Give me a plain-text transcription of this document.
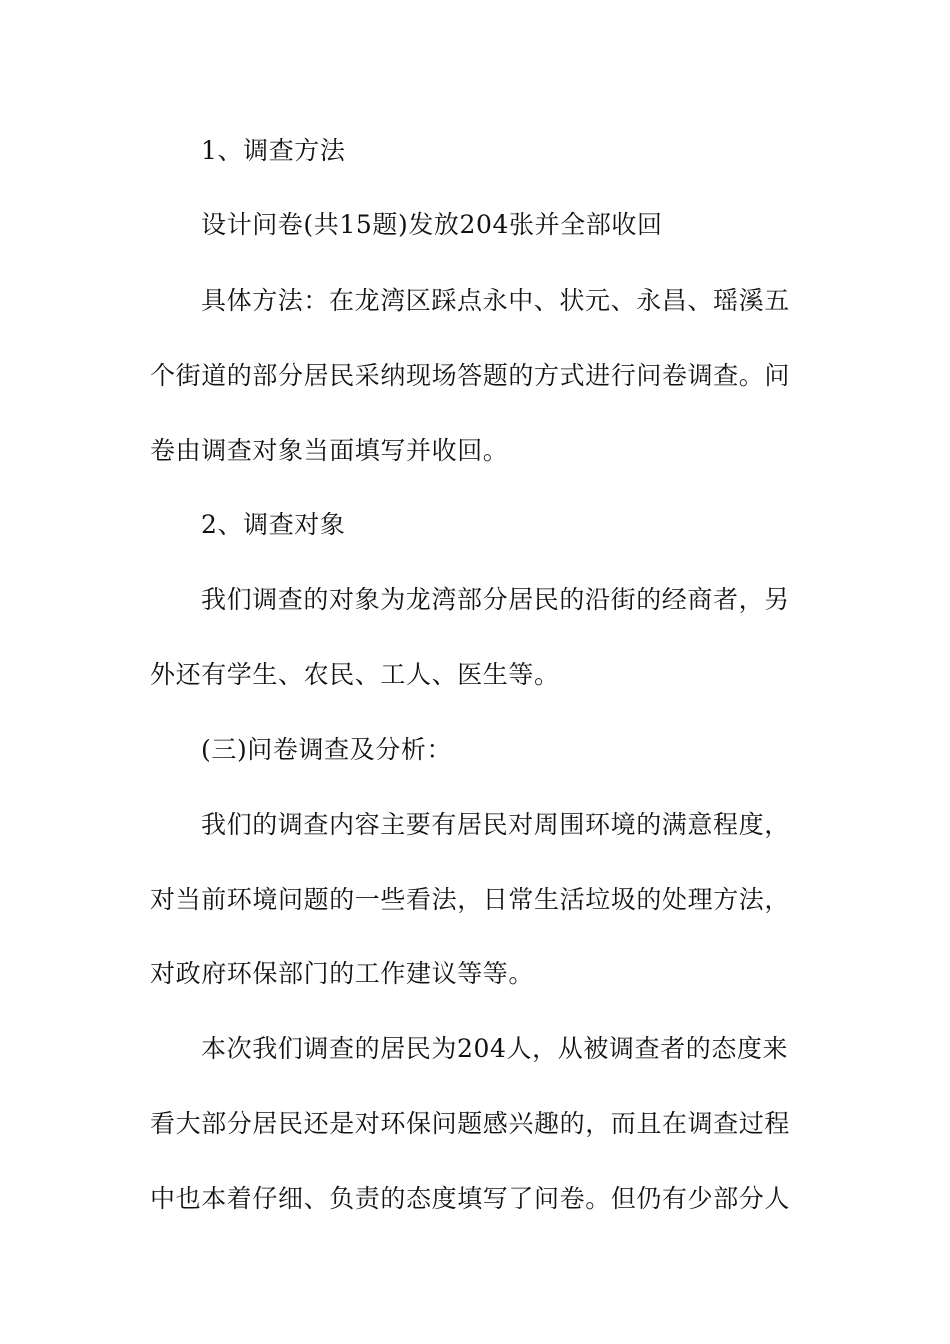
1、调查方法

设计问卷(共15题)发放204张并全部收回

具体方法：在龙湾区踩点永中、状元、永昌、瑶溪五

个街道的部分居民采纳现场答题的方式进行问卷调查。问

卷由调查对象当面填写并收回。

2、调查对象

我们调查的对象为龙湾部分居民的沿街的经商者，另

外还有学生、农民、工人、医生等。

(三)问卷调查及分析：

我们的调查内容主要有居民对周围环境的满意程度，

对当前环境问题的一些看法，日常生活垃圾的处理方法，

对政府环保部门的工作建议等等。

本次我们调查的居民为204人，从被调查者的态度来

看大部分居民还是对环保问题感兴趣的，而且在调查过程

中也本着仔细、负责的态度填写了问卷。但仍有少部分人
